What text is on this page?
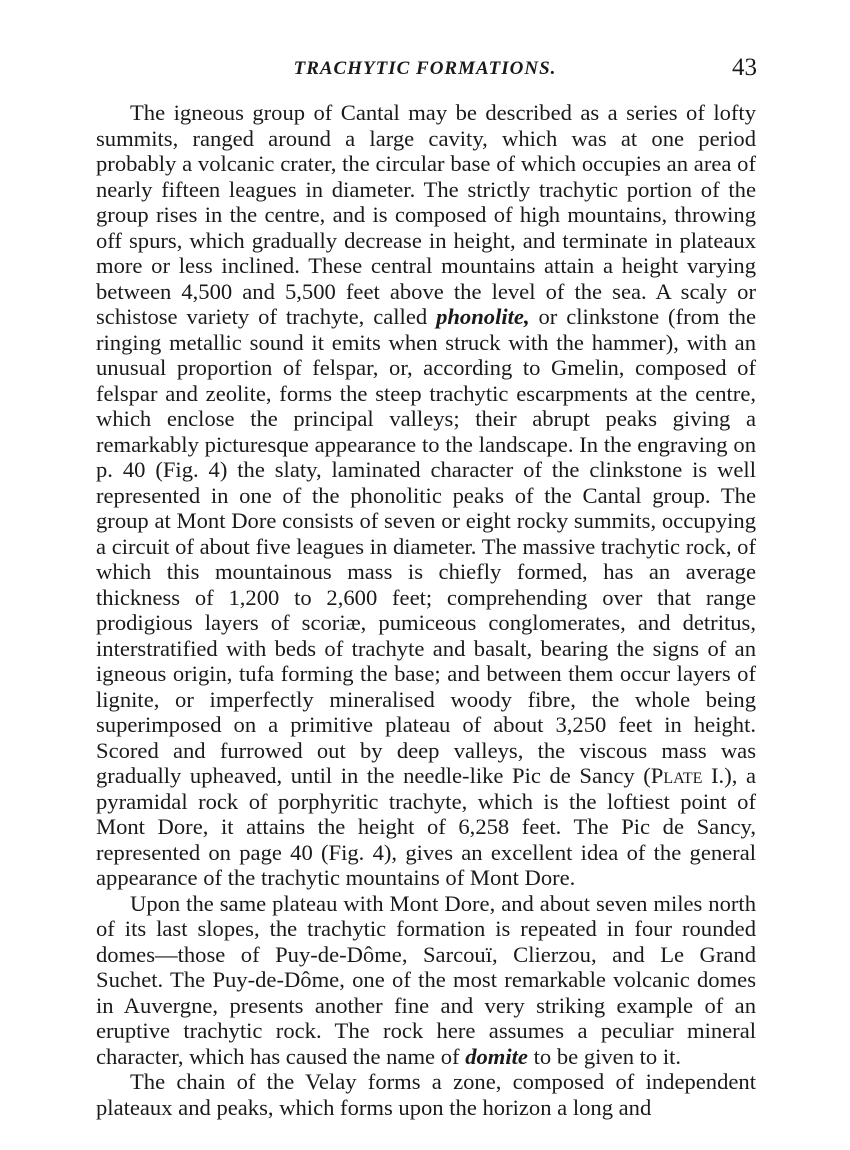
TRACHYTIC FORMATIONS.	43

The igneous group of Cantal may be described as a series of lofty summits, ranged around a large cavity, which was at one period probably a volcanic crater, the circular base of which occupies an area of nearly fifteen leagues in diameter. The strictly trachytic portion of the group rises in the centre, and is composed of high mountains, throwing off spurs, which gradually decrease in height, and terminate in plateaux more or less inclined. These central mountains attain a height varying between 4,500 and 5,500 feet above the level of the sea. A scaly or schistose variety of trachyte, called phonolite, or clinkstone (from the ringing metallic sound it emits when struck with the hammer), with an unusual proportion of felspar, or, according to Gmelin, composed of felspar and zeolite, forms the steep trachytic escarpments at the centre, which enclose the principal valleys; their abrupt peaks giving a remarkably picturesque appearance to the landscape. In the engraving on p. 40 (Fig. 4) the slaty, laminated character of the clinkstone is well represented in one of the phonolitic peaks of the Cantal group. The group at Mont Dore consists of seven or eight rocky summits, occupying a circuit of about five leagues in diameter. The massive trachytic rock, of which this mountainous mass is chiefly formed, has an average thickness of 1,200 to 2,600 feet; comprehending over that range prodigious layers of scoriæ, pumiceous conglomerates, and detritus, interstratified with beds of trachyte and basalt, bearing the signs of an igneous origin, tufa forming the base; and between them occur layers of lignite, or imperfectly mineralised woody fibre, the whole being superimposed on a primitive plateau of about 3,250 feet in height. Scored and furrowed out by deep valleys, the viscous mass was gradually upheaved, until in the needle-like Pic de Sancy (Plate I.), a pyramidal rock of porphyritic trachyte, which is the loftiest point of Mont Dore, it attains the height of 6,258 feet. The Pic de Sancy, represented on page 40 (Fig. 4), gives an excellent idea of the general appearance of the trachytic mountains of Mont Dore.

Upon the same plateau with Mont Dore, and about seven miles north of its last slopes, the trachytic formation is repeated in four rounded domes—those of Puy-de-Dôme, Sarcouï, Clierzou, and Le Grand Suchet. The Puy-de-Dôme, one of the most remarkable volcanic domes in Auvergne, presents another fine and very striking example of an eruptive trachytic rock. The rock here assumes a peculiar mineral character, which has caused the name of domite to be given to it.

The chain of the Velay forms a zone, composed of independent plateaux and peaks, which forms upon the horizon a long and
